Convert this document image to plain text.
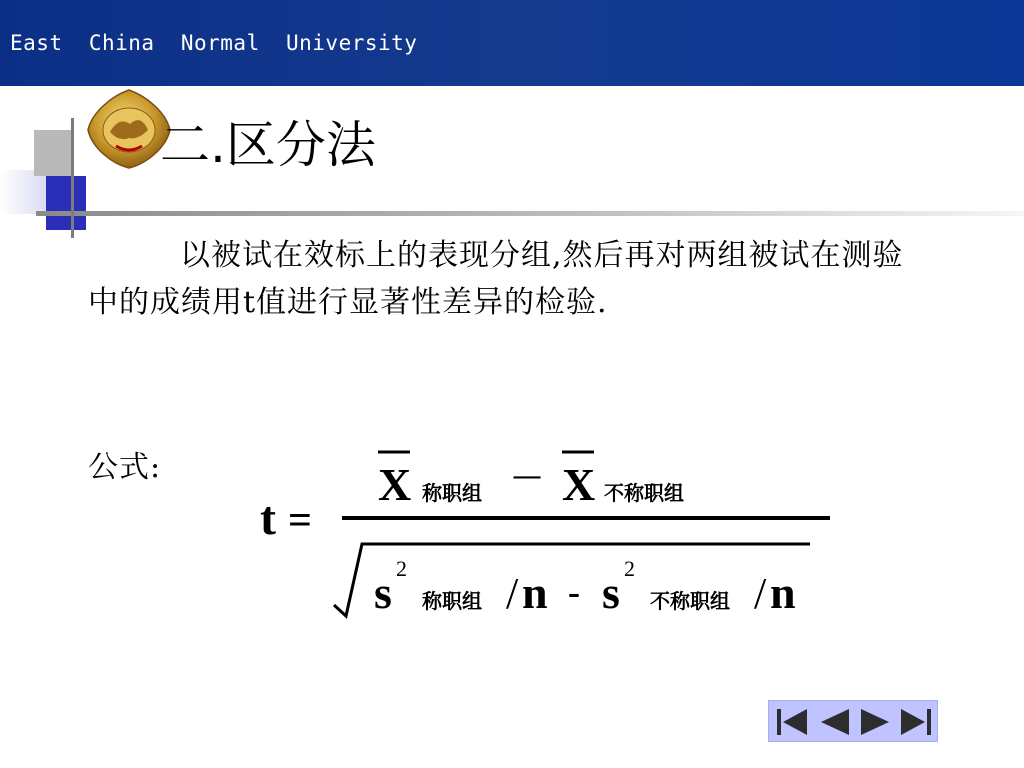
East  China  Normal  University
二.区分法

以被试在效标上的表现分组,然后再对两组被试在测验中的成绩用t值进行显著性差异的检验.

公式:	X 称职组 — X 不称职组
t =
s 2
称职组 / n - s 2
不称职组 / n
